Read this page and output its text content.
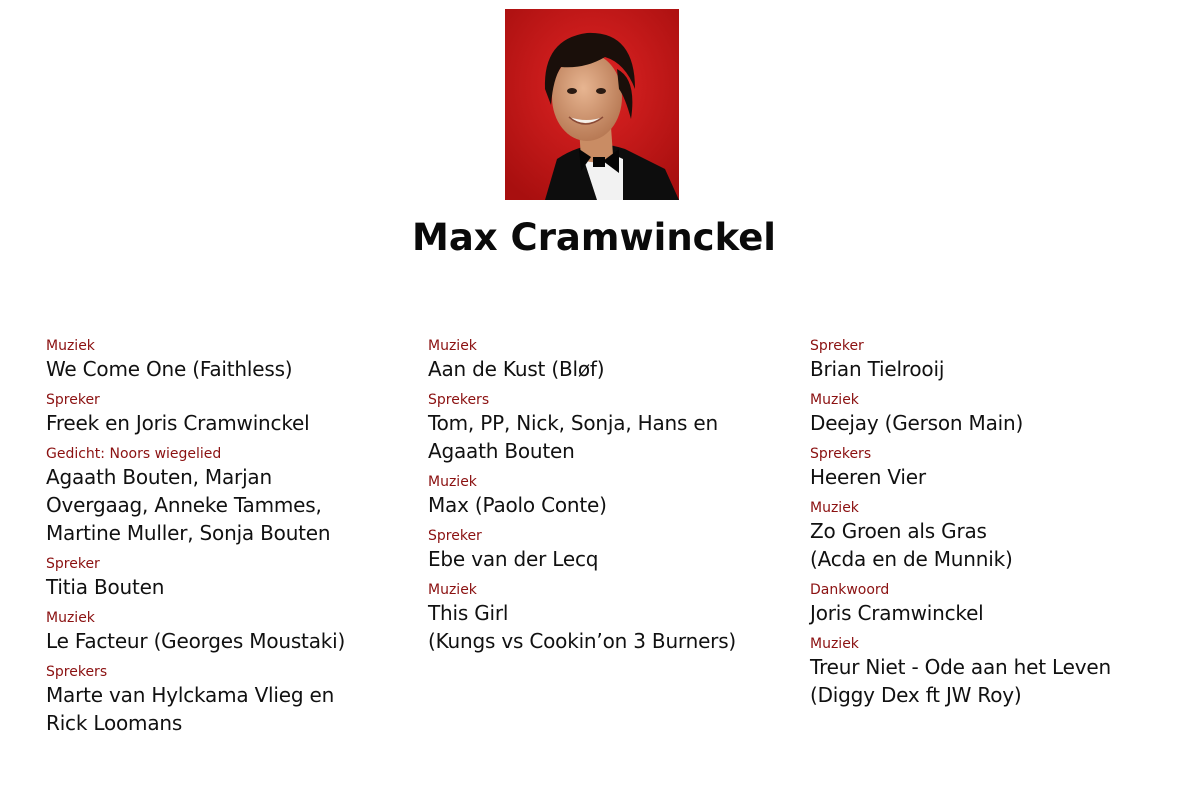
Max Cramwinckel
Muziek
We Come One (Faithless)
Spreker
Freek en Joris Cramwinckel
Gedicht: Noors wiegelied
Agaath Bouten, Marjan
Overgaag, Anneke Tammes,
Martine Muller, Sonja Bouten
Spreker
Titia Bouten
Muziek
Le Facteur (Georges Moustaki)
Sprekers
Marte van Hylckama Vlieg en
Rick Loomans
Muziek
Aan de Kust (Bløf)
Sprekers
Tom, PP, Nick, Sonja, Hans en
Agaath Bouten
Muziek
Max (Paolo Conte)
Spreker
Ebe van der Lecq
Muziek
This Girl
(Kungs vs Cookin’on 3 Burners)
Spreker
Brian Tielrooij
Muziek
Deejay (Gerson Main)
Sprekers
Heeren Vier
Muziek
Zo Groen als Gras
(Acda en de Munnik)
Dankwoord
Joris Cramwinckel
Muziek
Treur Niet - Ode aan het Leven
(Diggy Dex ft JW Roy)
